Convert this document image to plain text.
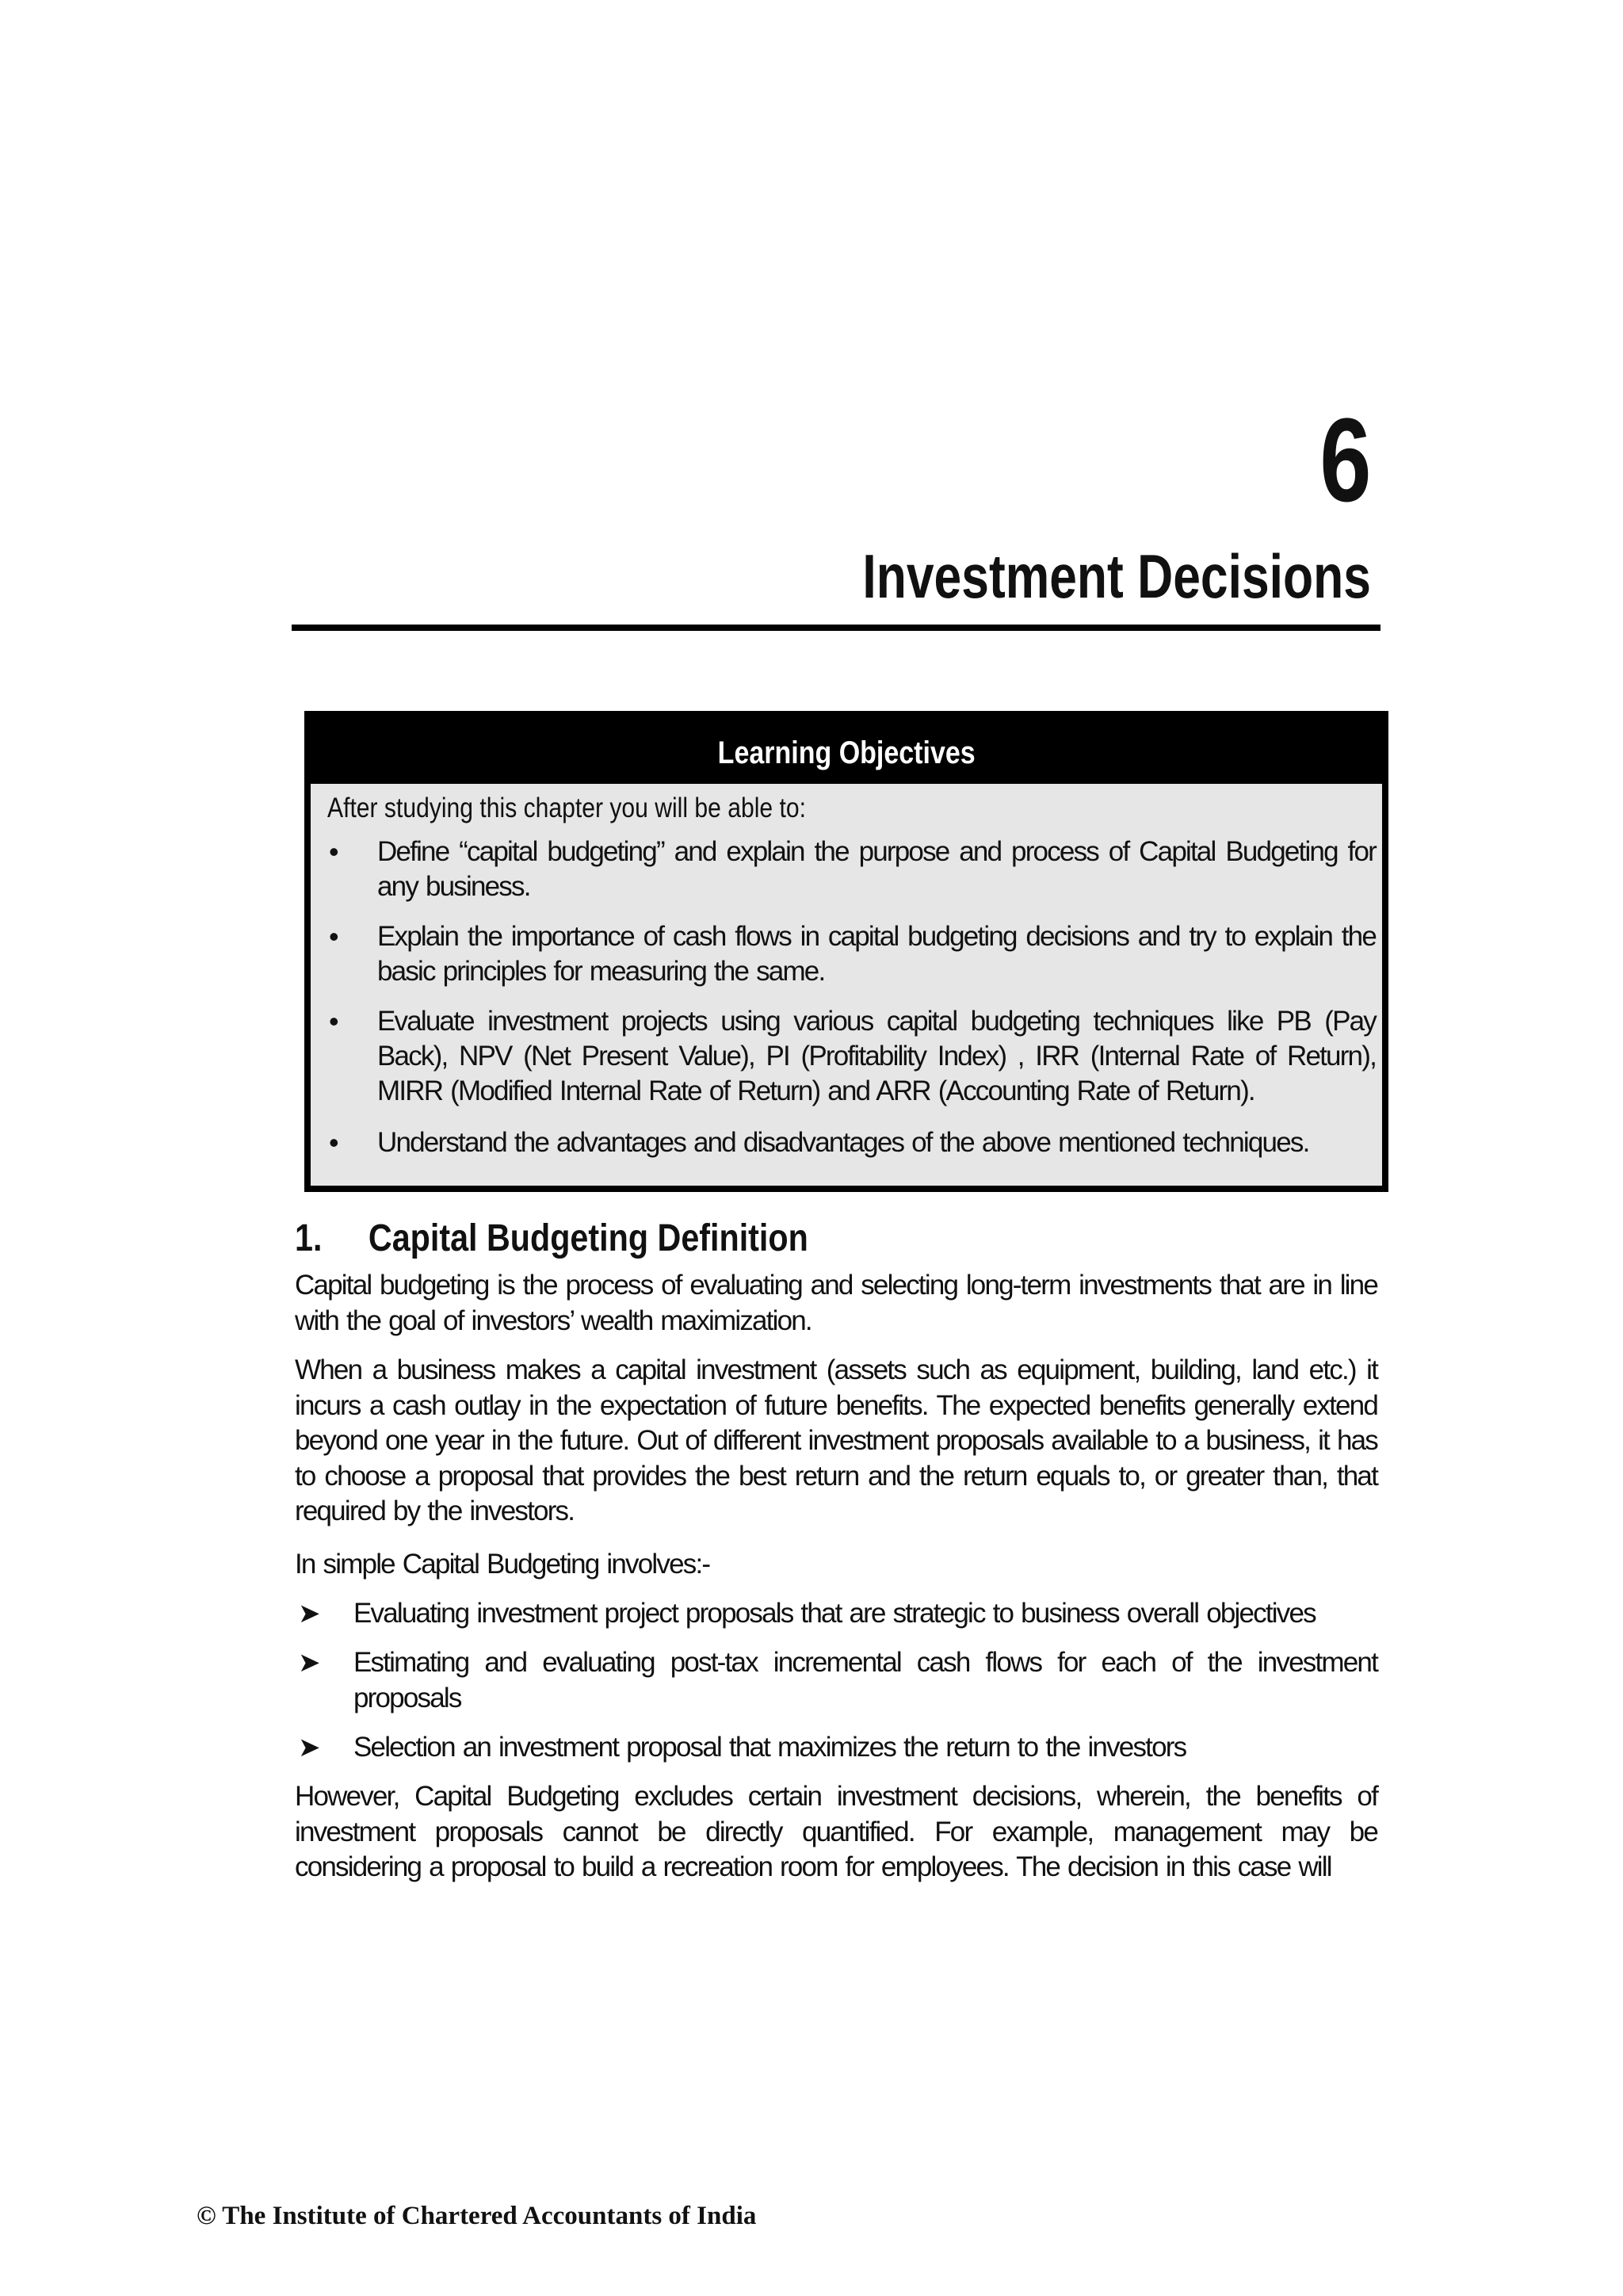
6
Investment Decisions
Learning Objectives
After studying this chapter you will be able to:
• Define “capital budgeting” and explain the purpose and process of Capital Budgeting for any business.
• Explain the importance of cash flows in capital budgeting decisions and try to explain the basic principles for measuring the same.
• Evaluate investment projects using various capital budgeting techniques like PB (Pay Back), NPV (Net Present Value), PI (Profitability Index) , IRR (Internal Rate of Return), MIRR (Modified Internal Rate of Return) and ARR (Accounting Rate of Return).
• Understand the advantages and disadvantages of the above mentioned techniques.
1. Capital Budgeting Definition
Capital budgeting is the process of evaluating and selecting long-term investments that are in line with the goal of investors’ wealth maximization.
When a business makes a capital investment (assets such as equipment, building, land etc.) it incurs a cash outlay in the expectation of future benefits. The expected benefits generally extend beyond one year in the future. Out of different investment proposals available to a business, it has to choose a proposal that provides the best return and the return equals to, or greater than, that required by the investors.
In simple Capital Budgeting involves:-
➤ Evaluating investment project proposals that are strategic to business overall objectives
➤ Estimating and evaluating post-tax incremental cash flows for each of the investment proposals
➤ Selection an investment proposal that maximizes the return to the investors
However, Capital Budgeting excludes certain investment decisions, wherein, the benefits of investment proposals cannot be directly quantified. For example, management may be considering a proposal to build a recreation room for employees. The decision in this case will
© The Institute of Chartered Accountants of India
